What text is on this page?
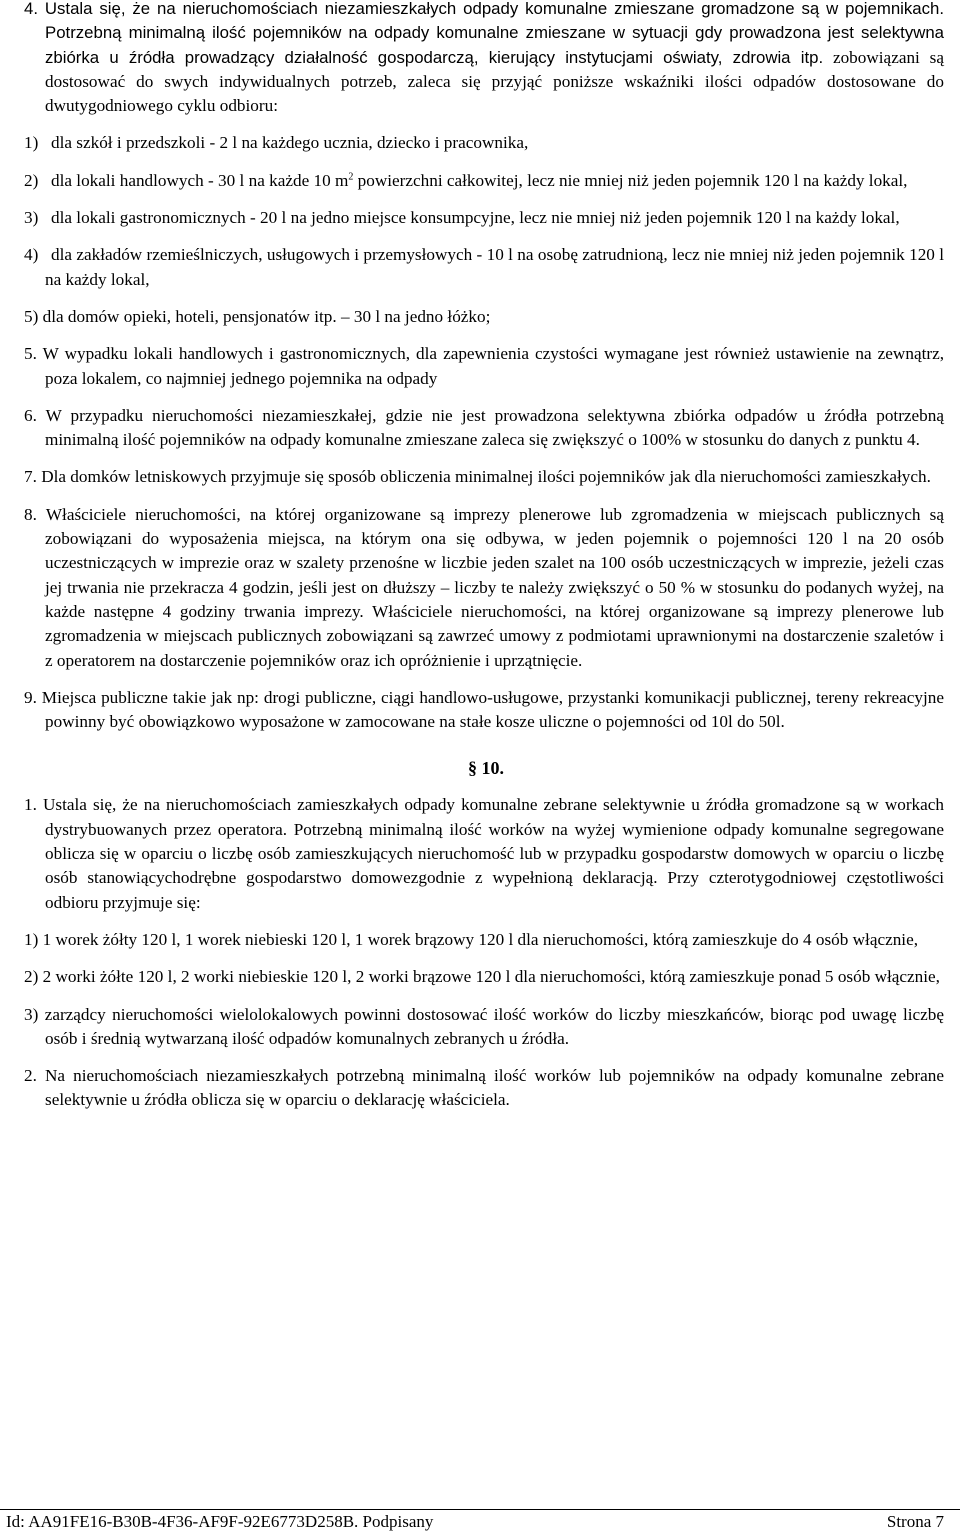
4. Ustala się, że na nieruchomościach niezamieszkałych odpady komunalne zmieszane gromadzone są w pojemnikach. Potrzebną minimalną ilość pojemników na odpady komunalne zmieszane w sytuacji gdy prowadzona jest selektywna zbiórka u źródła prowadzący działalność gospodarczą, kierujący instytucjami oświaty, zdrowia itp. zobowiązani są dostosować do swych indywidualnych potrzeb, zaleca się przyjąć poniższe wskaźniki ilości odpadów dostosowane do dwutygodniowego cyklu odbioru:

1) dla szkół i przedszkoli - 2 l na każdego ucznia, dziecko i pracownika,

2) dla lokali handlowych - 30 l na każde 10 $m^2$ powierzchni całkowitej, lecz nie mniej niż jeden pojemnik 120 l na każdy lokal,

3) dla lokali gastronomicznych - 20 l na jedno miejsce konsumpcyjne, lecz nie mniej niż jeden pojemnik 120 l na każdy lokal,

4) dla zakładów rzemieślniczych, usługowych i przemysłowych - 10 l na osobę zatrudnioną, lecz nie mniej niż jeden pojemnik 120 l na każdy lokal,

5) dla domów opieki, hoteli, pensjonatów itp. – 30 l na jedno łóżko;

5. W wypadku lokali handlowych i gastronomicznych, dla zapewnienia czystości wymagane jest również ustawienie na zewnątrz, poza lokalem, co najmniej jednego pojemnika na odpady

6. W przypadku nieruchomości niezamieszkałej, gdzie nie jest prowadzona selektywna zbiórka odpadów u źródła potrzebną minimalną ilość pojemników na odpady komunalne zmieszane zaleca się zwiększyć o 100% w stosunku do danych z punktu 4.

7. Dla domków letniskowych przyjmuje się sposób obliczenia minimalnej ilości pojemników jak dla nieruchomości zamieszkałych.

8. Właściciele nieruchomości, na której organizowane są imprezy plenerowe lub zgromadzenia w miejscach publicznych są zobowiązani do wyposażenia miejsca, na którym ona się odbywa, w jeden pojemnik o pojemności 120 l na 20 osób uczestniczących w imprezie oraz w szalety przenośne w liczbie jeden szalet na 100 osób uczestniczących w imprezie, jeżeli czas jej trwania nie przekracza 4 godzin, jeśli jest on dłuższy – liczby te należy zwiększyć o 50 % w stosunku do podanych wyżej, na każde następne 4 godziny trwania imprezy. Właściciele nieruchomości, na której organizowane są imprezy plenerowe lub zgromadzenia w miejscach publicznych zobowiązani są zawrzeć umowy z podmiotami uprawnionymi na dostarczenie szaletów i z operatorem na dostarczenie pojemników oraz ich opróżnienie i uprzątnięcie.

9. Miejsca publiczne takie jak np: drogi publiczne, ciągi handlowo-usługowe, przystanki komunikacji publicznej, tereny rekreacyjne powinny być obowiązkowo wyposażone w zamocowane na stałe kosze uliczne o pojemności od 10l do 50l.

§ 10.

1. Ustala się, że na nieruchomościach zamieszkałych odpady komunalne zebrane selektywnie u źródła gromadzone są w workach dystrybuowanych przez operatora. Potrzebną minimalną ilość worków na wyżej wymienione odpady komunalne segregowane oblicza się w oparciu o liczbę osób zamieszkujących nieruchomość lub w przypadku gospodarstw domowych w oparciu o liczbę osób stanowiącychodrębne gospodarstwo domowezgodnie z wypełnioną deklaracją. Przy czterotygodniowej częstotliwości odbioru przyjmuje się:

1) 1 worek żółty 120 l, 1 worek niebieski 120 l, 1 worek brązowy 120 l dla nieruchomości, którą zamieszkuje do 4 osób włącznie,

2) 2 worki żółte 120 l, 2 worki niebieskie 120 l, 2 worki brązowe 120 l dla nieruchomości, którą zamieszkuje ponad 5 osób włącznie,

3) zarządcy nieruchomości wielolokalowych powinni dostosować ilość worków do liczby mieszkańców, biorąc pod uwagę liczbę osób i średnią wytwarzaną ilość odpadów komunalnych zebranych u źródła.

2. Na nieruchomościach niezamieszkałych potrzebną minimalną ilość worków lub pojemników na odpady komunalne zebrane selektywnie u źródła oblicza się w oparciu o deklarację właściciela.

Id: AA91FE16-B30B-4F36-AF9F-92E6773D258B. Podpisany	Strona 7
